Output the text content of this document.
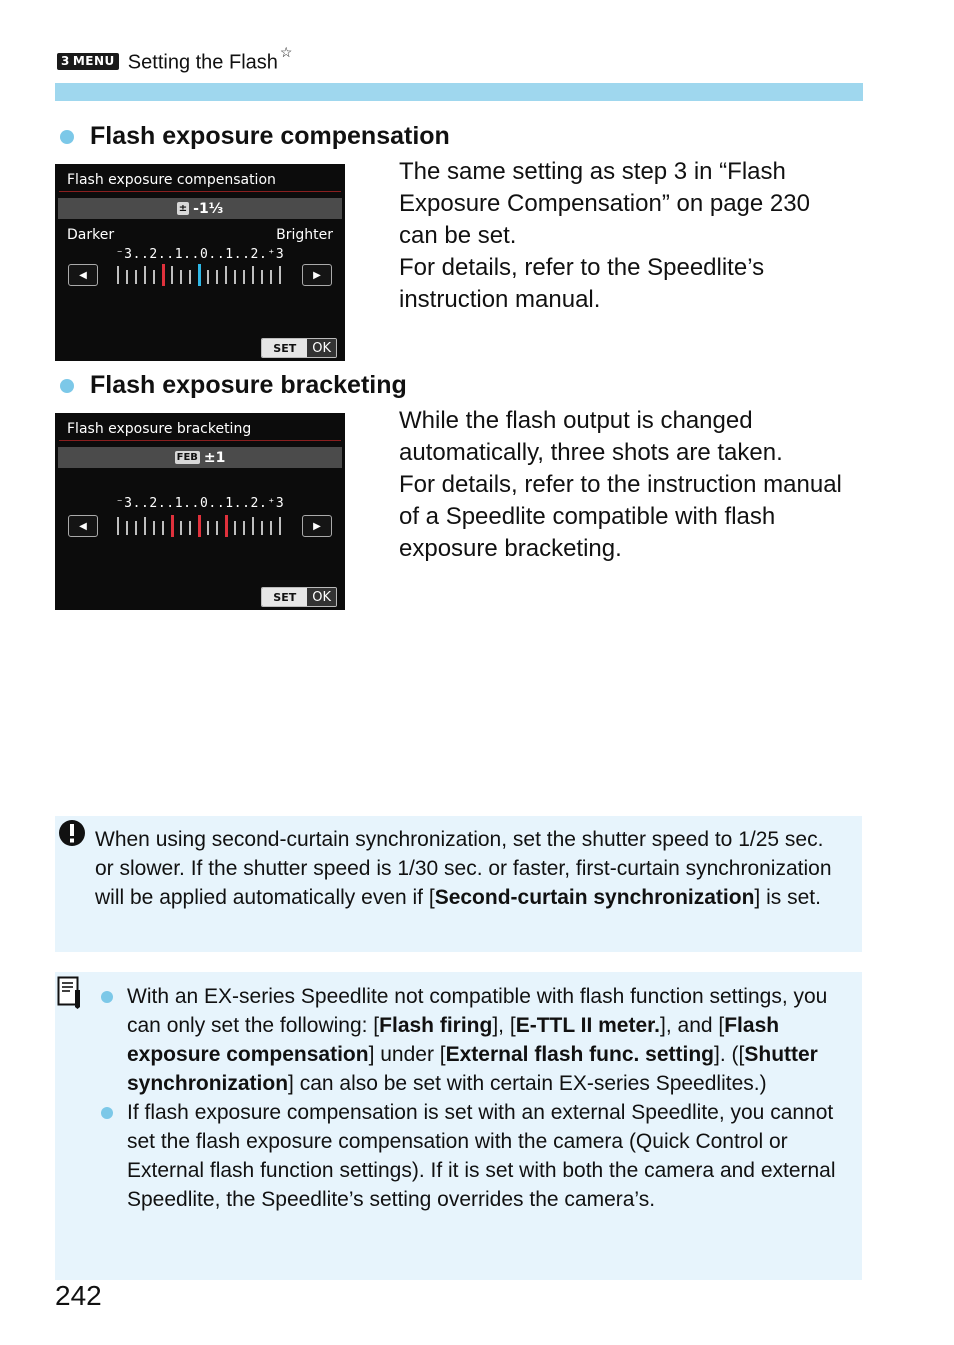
3 MENU Setting the Flash ☆
Flash exposure compensation
Flash exposure compensation
± -1⅓
Darker	Brighter
⁻3..2..1..0..1..2.⁺3
◀	▶
SET	OK

The same setting as step 3 in “Flash Exposure Compensation” on page 230 can be set.

For details, refer to the Speedlite’s instruction manual.

Flash exposure bracketing
Flash exposure bracketing
FEB ±1
⁻3..2..1..0..1..2.⁺3
◀	▶
SET	OK

While the flash output is changed automatically, three shots are taken.

For details, refer to the instruction manual of a Speedlite compatible with flash exposure bracketing.

When using second-curtain synchronization, set the shutter speed to 1/25 sec. or slower. If the shutter speed is 1/30 sec. or faster, first-curtain synchronization will be applied automatically even if [Second-curtain synchronization] is set.

With an EX-series Speedlite not compatible with flash function settings, you can only set the following: [Flash firing], [E-TTL II meter.], and [Flash exposure compensation] under [External flash func. setting]. ([Shutter synchronization] can also be set with certain EX-series Speedlites.)
If flash exposure compensation is set with an external Speedlite, you cannot set the flash exposure compensation with the camera (Quick Control or External flash function settings). If it is set with both the camera and external Speedlite, the Speedlite’s setting overrides the camera’s.
242
